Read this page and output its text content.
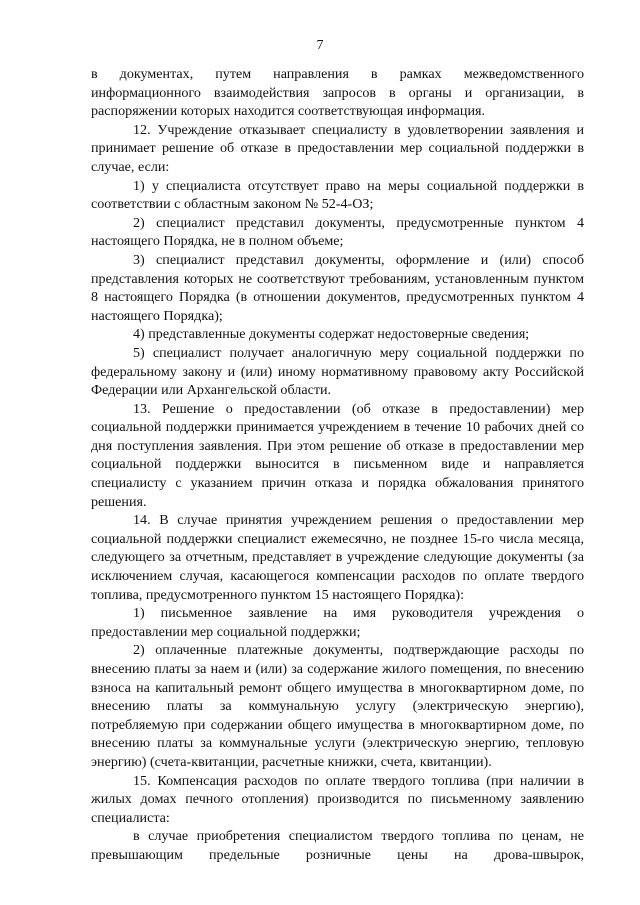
7

в документах, путем направления в рамках межведомственного информационного взаимодействия запросов в органы и организации, в распоряжении которых находится соответствующая информация.

12. Учреждение отказывает специалисту в удовлетворении заявления и принимает решение об отказе в предоставлении мер социальной поддержки в случае, если:

1) у специалиста отсутствует право на меры социальной поддержки в соответствии с областным законом № 52-4-ОЗ;

2) специалист представил документы, предусмотренные пунктом 4 настоящего Порядка, не в полном объеме;

3) специалист представил документы, оформление и (или) способ представления которых не соответствуют требованиям, установленным пунктом 8 настоящего Порядка (в отношении документов, предусмотренных пунктом 4 настоящего Порядка);

4) представленные документы содержат недостоверные сведения;

5) специалист получает аналогичную меру социальной поддержки по федеральному закону и (или) иному нормативному правовому акту Российской Федерации или Архангельской области.

13. Решение о предоставлении (об отказе в предоставлении) мер социальной поддержки принимается учреждением в течение 10 рабочих дней со дня поступления заявления. При этом решение об отказе в предоставлении мер социальной поддержки выносится в письменном виде и направляется специалисту с указанием причин отказа и порядка обжалования принятого решения.

14. В случае принятия учреждением решения о предоставлении мер социальной поддержки специалист ежемесячно, не позднее 15-го числа месяца, следующего за отчетным, представляет в учреждение следующие документы (за исключением случая, касающегося компенсации расходов по оплате твердого топлива, предусмотренного пунктом 15 настоящего Порядка):

1) письменное заявление на имя руководителя учреждения о предоставлении мер социальной поддержки;

2) оплаченные платежные документы, подтверждающие расходы по внесению платы за наем и (или) за содержание жилого помещения, по внесению взноса на капитальный ремонт общего имущества в многоквартирном доме, по внесению платы за коммунальную услугу (электрическую энергию), потребляемую при содержании общего имущества в многоквартирном доме, по внесению платы за коммунальные услуги (электрическую энергию, тепловую энергию) (счета-квитанции, расчетные книжки, счета, квитанции).

15. Компенсация расходов по оплате твердого топлива (при наличии в жилых домах печного отопления) производится по письменному заявлению специалиста:

в случае приобретения специалистом твердого топлива по ценам, не превышающим предельные розничные цены на дрова-швырок,
